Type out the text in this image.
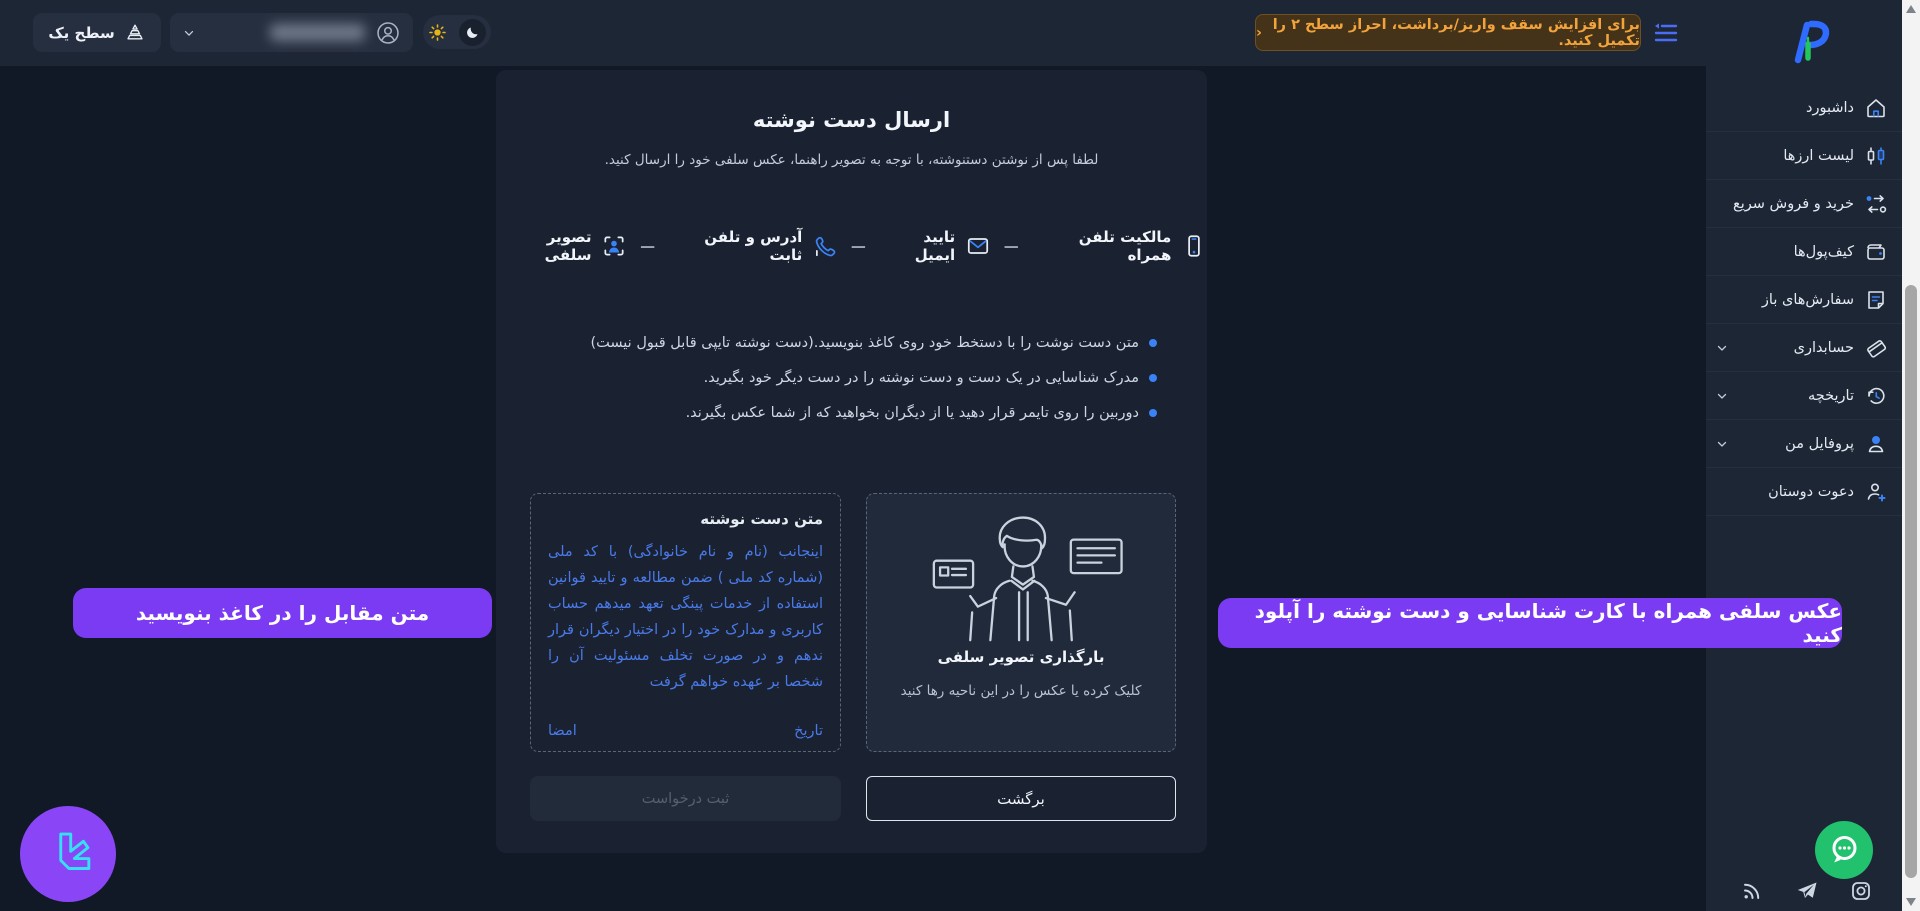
سطح یک	برای افزایش سقف واریز/برداشت، احراز سطح ۲ را تکمیل کنید.
‹
داشبورد
لیست ارزها
خرید و فروش سریع
کیف‌پول‌ها
سفارش‌های باز
حسابداری
تاریخچه
پروفایل من
دعوت دوستان
ارسال دست نوشته
لطفا پس از نوشتن دستنوشته، با توجه به تصویر راهنما، عکس سلفی خود را ارسال کنید.
مالکیت تلفن همراه
—
تایید ایمیل
—
آدرس و تلفن ثابت
—
تصویر سلفی
متن دست نوشت را با دستخط خود روی کاغذ بنویسید.(دست نوشته تایپی قابل قبول نیست)
مدرک شناسایی در یک دست و دست نوشته را در دست دیگر خود بگیرید.
دوربین را روی تایمر قرار دهید یا از دیگران بخواهید که از شما عکس بگیرند.
متن دست نوشته
اینجانب (نام و نام خانوادگی) با کد ملی (شماره کد ملی ) ضمن مطالعه و تایید قوانین استفاده از خدمات پینگی تعهد میدهم حساب کاربری و مدارک خود را در اختیار دیگران قرار ندهم و در صورت تخلف مسئولیت آن را شخصا بر عهده خواهم گرفت
تاریخ
امضا
بارگذاری تصویر سلفی
کلیک کرده یا عکس را در این ناحیه رها کنید
ثبت درخواست	برگشت
متن مقابل را در کاغذ بنویسید	عکس سلفی همراه با کارت شناسایی و دست نوشته را آپلود کنید
